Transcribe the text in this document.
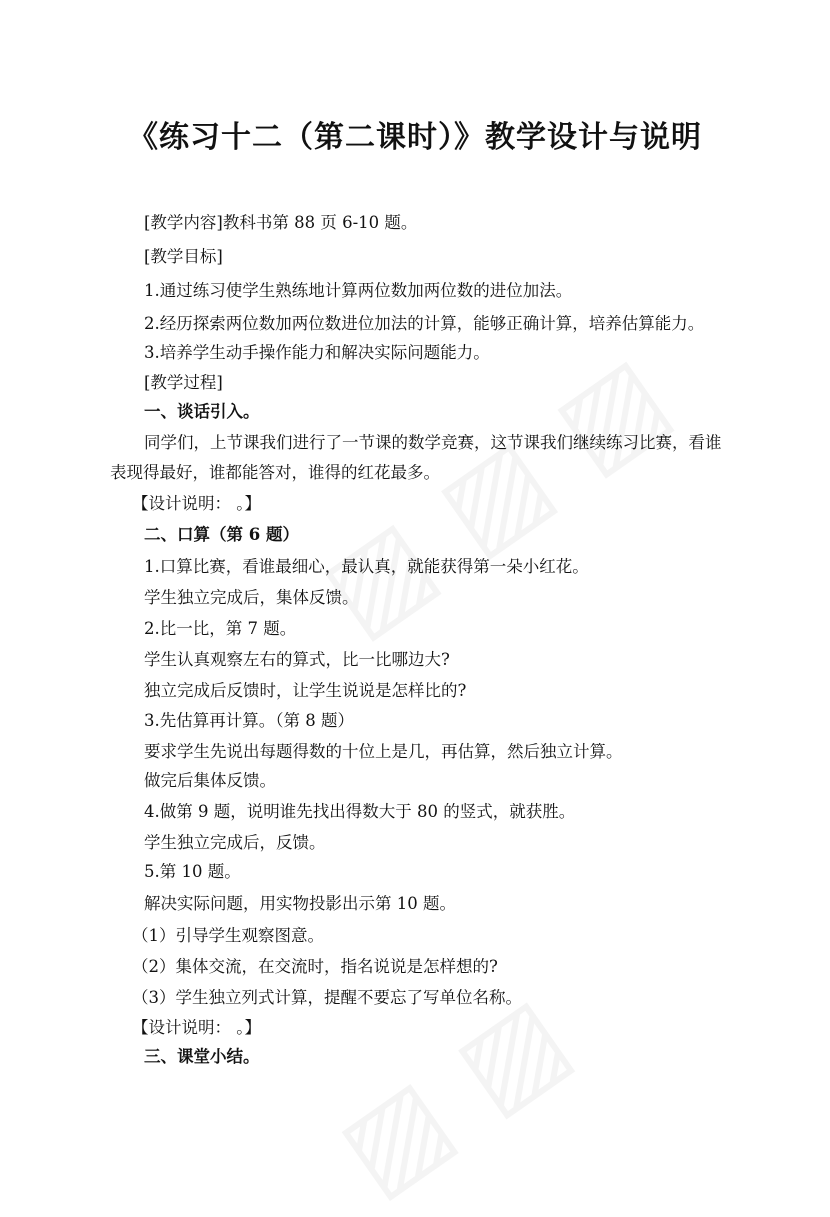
《练习十二（第二课时）》教学设计与说明
[教学内容]教科书第 88 页 6-10 题。
[教学目标]
1.通过练习使学生熟练地计算两位数加两位数的进位加法。
2.经历探索两位数加两位数进位加法的计算，能够正确计算，培养估算能力。
3.培养学生动手操作能力和解决实际问题能力。
[教学过程]
一、谈话引入。
同学们，上节课我们进行了一节课的数学竞赛，这节课我们继续练习比赛，看谁
表现得最好，谁都能答对，谁得的红花最多。
【设计说明： 。】
二、口算（第 6 题）
1.口算比赛，看谁最细心，最认真，就能获得第一朵小红花。
学生独立完成后，集体反馈。
2.比一比，第 7 题。
学生认真观察左右的算式，比一比哪边大?
独立完成后反馈时，让学生说说是怎样比的?
3.先估算再计算。（第 8 题）
要求学生先说出每题得数的十位上是几，再估算，然后独立计算。
做完后集体反馈。
4.做第 9 题，说明谁先找出得数大于 80 的竖式，就获胜。
学生独立完成后，反馈。
5.第 10 题。
解决实际问题，用实物投影出示第 10 题。
（1）引导学生观察图意。
（2）集体交流，在交流时，指名说说是怎样想的?
（3）学生独立列式计算，提醒不要忘了写单位名称。
【设计说明： 。】
三、课堂小结。
